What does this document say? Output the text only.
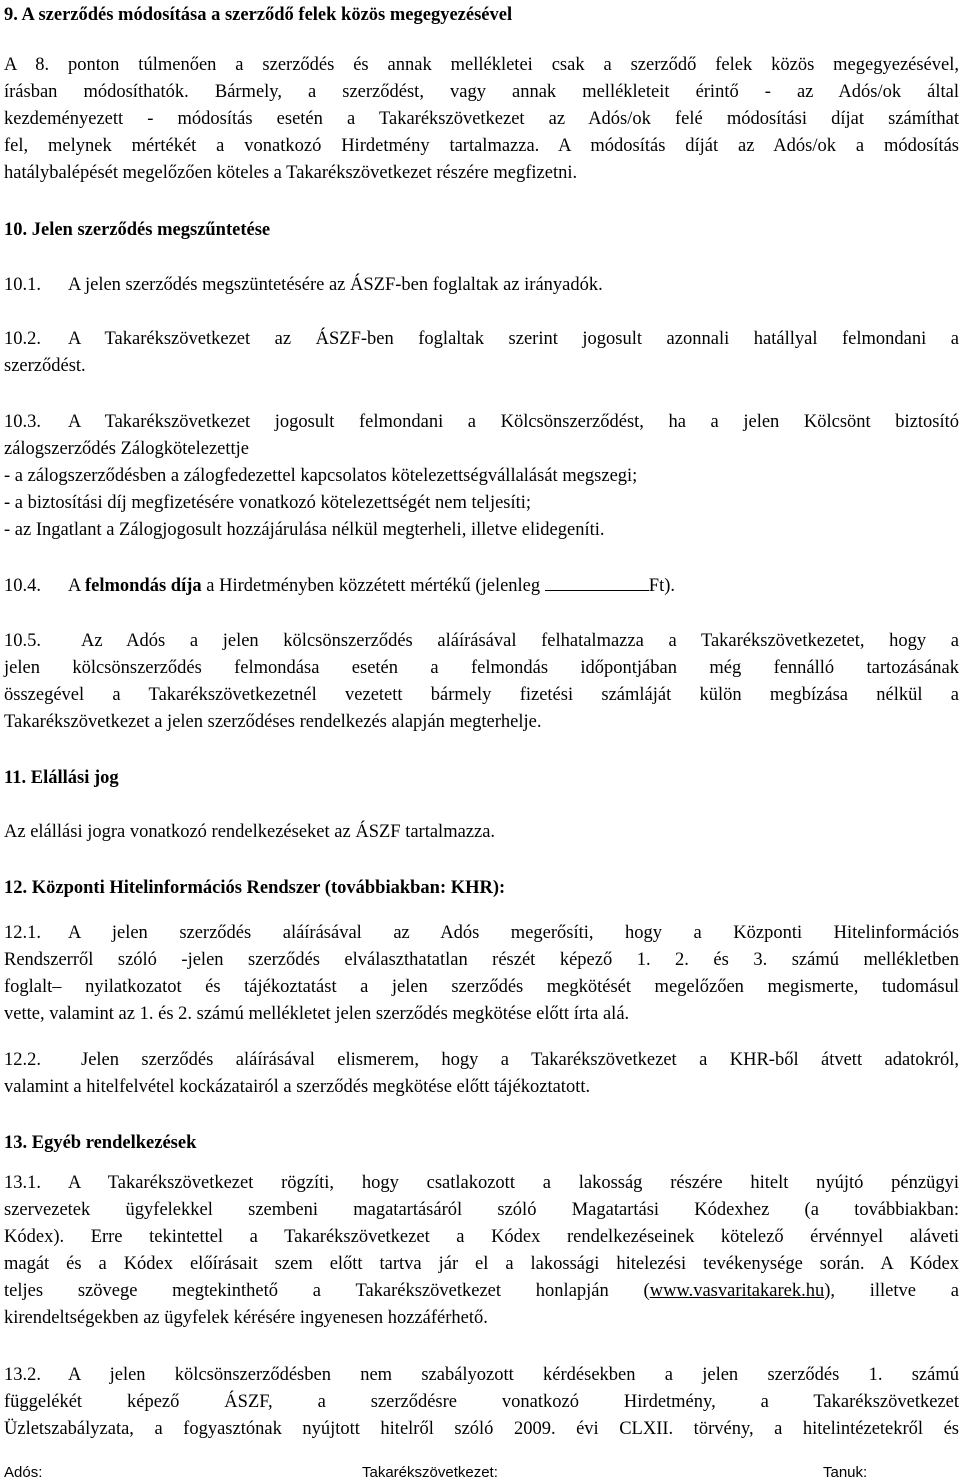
9. A szerződés módosítása a szerződő felek közös megegyezésével

A 8. ponton túlmenően a szerződés és annak mellékletei csak a szerződő felek közös megegyezésével,

írásban módosíthatók. Bármely, a szerződést, vagy annak mellékleteit érintő - az Adós/ok által

kezdeményezett - módosítás esetén a Takarékszövetkezet az Adós/ok felé módosítási díjat számíthat

fel, melynek mértékét a vonatkozó Hirdetmény tartalmazza. A módosítás díját az Adós/ok a módosítás

hatálybalépését megelőzően köteles a Takarékszövetkezet részére megfizetni.

10. Jelen szerződés megszűntetése

10.1. A jelen szerződés megszüntetésére az ÁSZF-ben foglaltak az irányadók.

10.2. A Takarékszövetkezet az ÁSZF-ben foglaltak szerint jogosult azonnali hatállyal felmondani a

szerződést.

10.3. A Takarékszövetkezet jogosult felmondani a Kölcsönszerződést, ha a jelen Kölcsönt biztosító

zálogszerződés Zálogkötelezettje

- a zálogszerződésben a zálogfedezettel kapcsolatos kötelezettségvállalását megszegi;

- a biztosítási díj megfizetésére vonatkozó kötelezettségét nem teljesíti;

- az Ingatlant a Zálogjogosult hozzájárulása nélkül megterheli, illetve elidegeníti.

10.4. A felmondás díja a Hirdetményben közzétett mértékű (jelenleg	Ft).

10.5. Az Adós a jelen kölcsönszerződés aláírásával felhatalmazza a Takarékszövetkezetet, hogy a

jelen kölcsönszerződés felmondása esetén a felmondás időpontjában még fennálló tartozásának

összegével a Takarékszövetkezetnél vezetett bármely fizetési számláját külön megbízása nélkül a

Takarékszövetkezet a jelen szerződéses rendelkezés alapján megterhelje.

11. Elállási jog

Az elállási jogra vonatkozó rendelkezéseket az ÁSZF tartalmazza.

12. Központi Hitelinformációs Rendszer (továbbiakban: KHR):

12.1. A jelen szerződés aláírásával az Adós megerősíti, hogy a Központi Hitelinformációs

Rendszerről szóló -jelen szerződés elválaszthatatlan részét képező 1. 2. és 3. számú mellékletben

foglalt– nyilatkozatot és tájékoztatást a jelen szerződés megkötését megelőzően megismerte, tudomásul

vette, valamint az 1. és 2. számú mellékletet jelen szerződés megkötése előtt írta alá.

12.2. Jelen szerződés aláírásával elismerem, hogy a Takarékszövetkezet a KHR-ből átvett adatokról,

valamint a hitelfelvétel kockázatairól a szerződés megkötése előtt tájékoztatott.

13. Egyéb rendelkezések

13.1. A Takarékszövetkezet rögzíti, hogy csatlakozott a lakosság részére hitelt nyújtó pénzügyi

szervezetek ügyfelekkel szembeni magatartásáról szóló Magatartási Kódexhez (a továbbiakban:

Kódex). Erre tekintettel a Takarékszövetkezet a Kódex rendelkezéseinek kötelező érvénnyel aláveti

magát és a Kódex előírásait szem előtt tartva jár el a lakossági hitelezési tevékenysége során. A Kódex

teljes szövege megtekinthető a Takarékszövetkezet honlapján (www.vasvaritakarek.hu), illetve a

kirendeltségekben az ügyfelek kérésére ingyenesen hozzáférhető.

13.2. A jelen kölcsönszerződésben nem szabályozott kérdésekben a jelen szerződés 1. számú

függelékét képező ÁSZF, a szerződésre vonatkozó Hirdetmény, a Takarékszövetkezet

Üzletszabályzata, a fogyasztónak nyújtott hitelről szóló 2009. évi CLXII. törvény, a hitelintézetekről és

Adós:	Takarékszövetkezet:	Tanuk:
